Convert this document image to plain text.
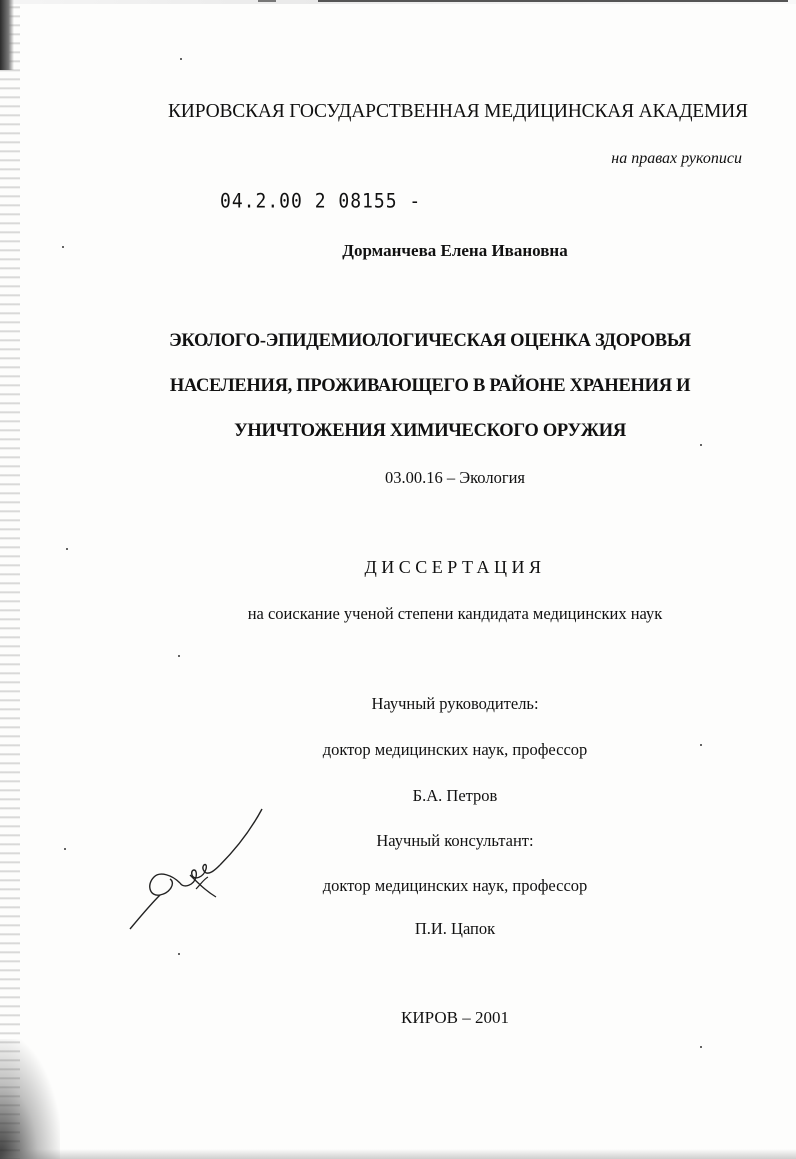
КИРОВСКАЯ ГОСУДАРСТВЕННАЯ МЕДИЦИНСКАЯ АКАДЕМИЯ
на правах рукописи
04.2.00 2 08155 -
Дорманчева Елена Ивановна
ЭКОЛОГО-ЭПИДЕМИОЛОГИЧЕСКАЯ ОЦЕНКА ЗДОРОВЬЯ
НАСЕЛЕНИЯ, ПРОЖИВАЮЩЕГО В РАЙОНЕ ХРАНЕНИЯ И
УНИЧТОЖЕНИЯ ХИМИЧЕСКОГО ОРУЖИЯ
03.00.16 – Экология
ДИССЕРТАЦИЯ
на соискание ученой степени кандидата медицинских наук
Научный руководитель:
доктор медицинских наук, профессор
Б.А. Петров
Научный консультант:
доктор медицинских наук, профессор
П.И. Цапок
КИРОВ – 2001
